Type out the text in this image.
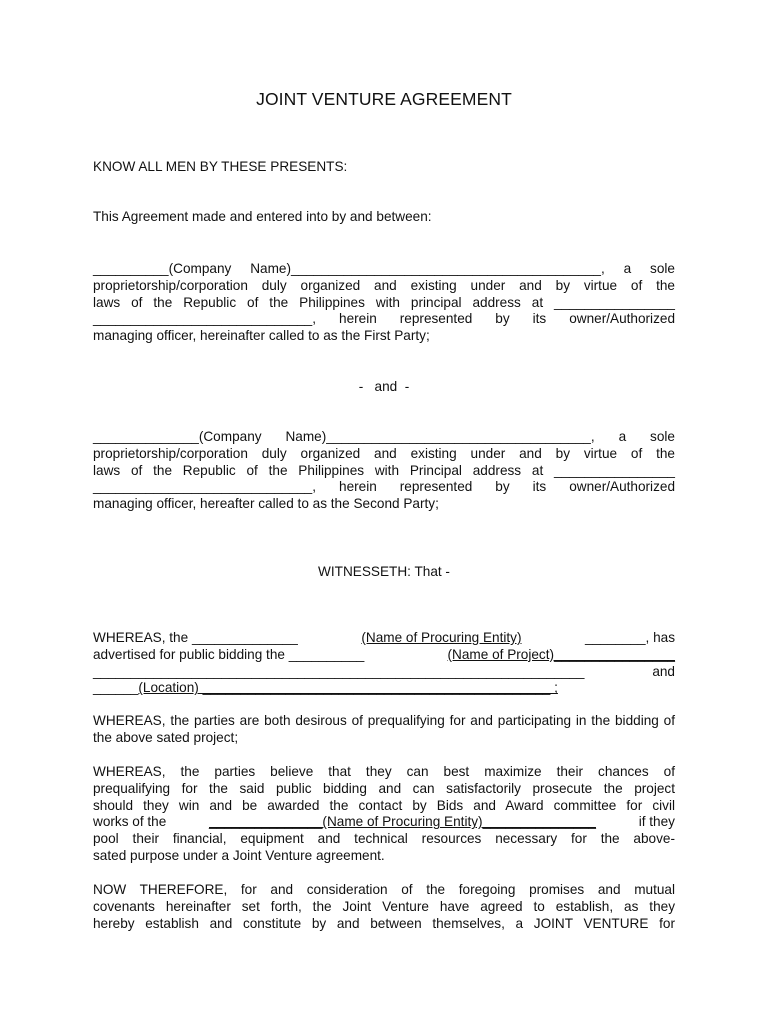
JOINT VENTURE AGREEMENT
KNOW ALL MEN BY THESE PRESENTS:
This Agreement made and entered into by and between:
__________(Company Name)_________________________________________, a sole
proprietorship/corporation duly organized and existing under and by virtue of the
laws of the Republic of the Philippines with principal address at ________________
_____________________________, herein represented by its owner/Authorized
managing officer, hereinafter called to as the First Party;
-   and  -
______________(Company Name)___________________________________, a sole
proprietorship/corporation duly organized and existing under and by virtue of the
laws of the Republic of the Philippines with Principal address at ________________
_____________________________, herein represented by its owner/Authorized
managing officer, hereafter called to as the Second Party;
WITNESSETH: That -
WHEREAS, the ______________	(Name of Procuring Entity)	________, has
advertised for public bidding the __________	(Name of Project)________________
_________________________________________________________________ and
______(Location) ______________________________________________ ;
WHEREAS, the parties are both desirous of prequalifying for and participating in the bidding of the above sated project;
WHEREAS, the parties believe that they can best maximize their chances of
prequalifying for the said public bidding and can satisfactorily prosecute the project
should they win and be awarded the contact by Bids and Award committee for civil
works of the	_______________(Name of Procuring Entity)_______________	if they
pool their financial, equipment and technical resources necessary for the above-
sated purpose under a Joint Venture agreement.
NOW THEREFORE, for and consideration of the foregoing promises and mutual
covenants hereinafter set forth, the Joint Venture have agreed to establish, as they
hereby establish and constitute by and between themselves, a JOINT VENTURE for
